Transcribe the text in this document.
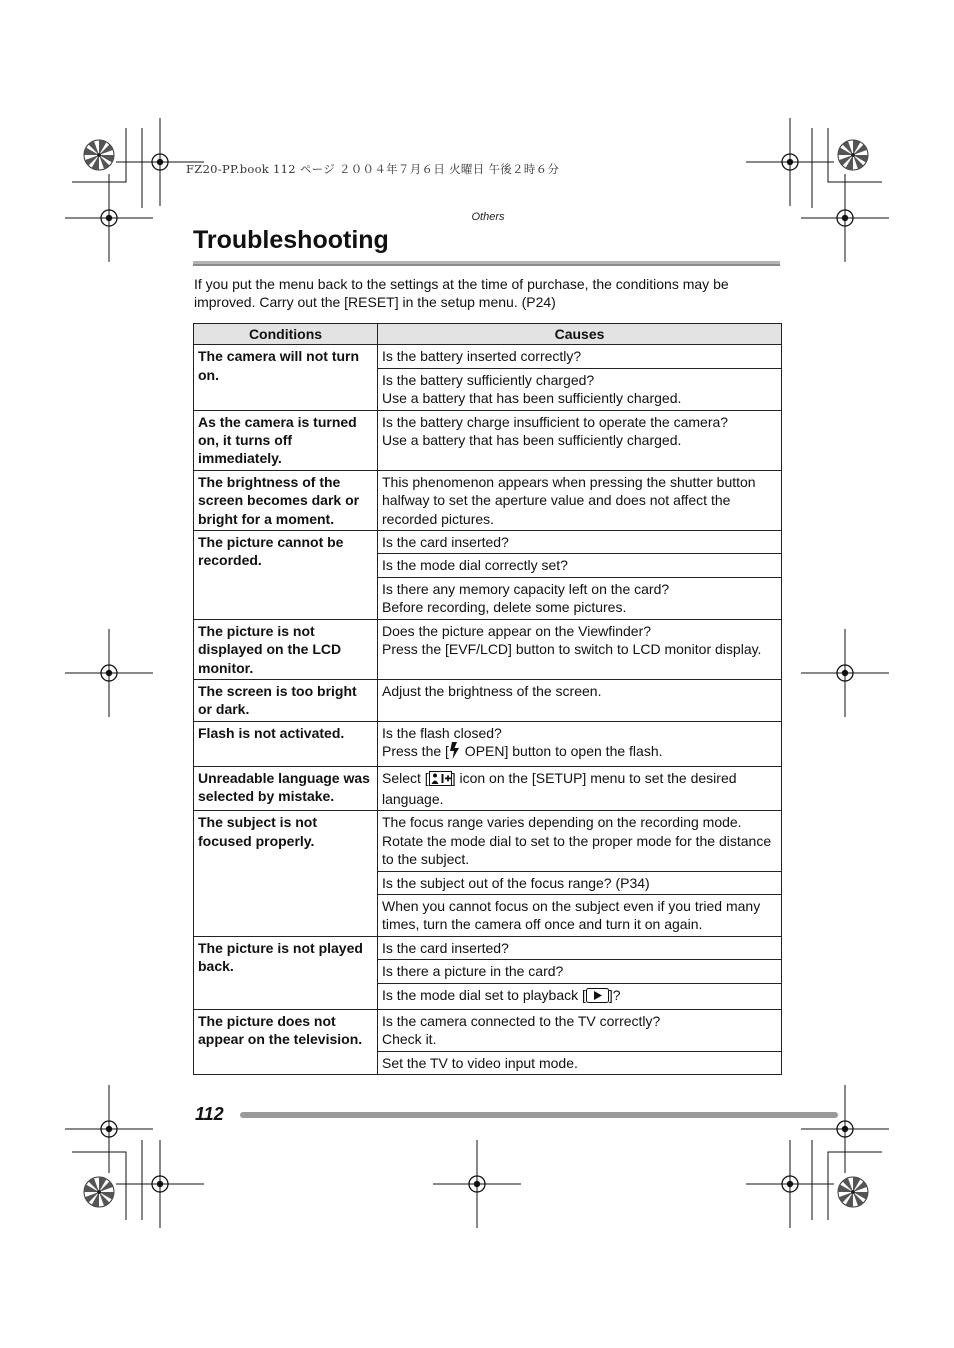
FZ20-PP.book 112 ページ ２００４年７月６日 火曜日 午後２時６分
Others
Troubleshooting
If you put the menu back to the settings at the time of purchase, the conditions may be improved. Carry out the [RESET] in the setup menu. (P24)
Conditions	Causes
The camera will not turn on.	Is the battery inserted correctly?
	Is the battery sufficiently charged?
Use a battery that has been sufficiently charged.
As the camera is turned on, it turns off immediately.	Is the battery charge insufficient to operate the camera?
Use a battery that has been sufficiently charged.
The brightness of the screen becomes dark or bright for a moment.	This phenomenon appears when pressing the shutter button halfway to set the aperture value and does not affect the recorded pictures.
The picture cannot be recorded.	Is the card inserted?
	Is the mode dial correctly set?
	Is there any memory capacity left on the card?
Before recording, delete some pictures.
The picture is not displayed on the LCD monitor.	Does the picture appear on the Viewfinder?
Press the [EVF/LCD] button to switch to LCD monitor display.
The screen is too bright or dark.	Adjust the brightness of the screen.
Flash is not activated.	Is the flash closed?
Press the [ OPEN] button to open the flash.

Unreadable language was selected by mistake.	Select [ ] icon on the [SETUP] menu to set the desired language.
The subject is not focused properly.	The focus range varies depending on the recording mode. Rotate the mode dial to set to the proper mode for the distance to the subject.
	Is the subject out of the focus range? (P34)
	When you cannot focus on the subject even if you tried many times, turn the camera off once and turn it on again.
The picture is not played back.	Is the card inserted?
	Is there a picture in the card?
	Is the mode dial set to playback [ ]?
The picture does not appear on the television.	Is the camera connected to the TV correctly?
Check it.
	Set the TV to video input mode.
112
